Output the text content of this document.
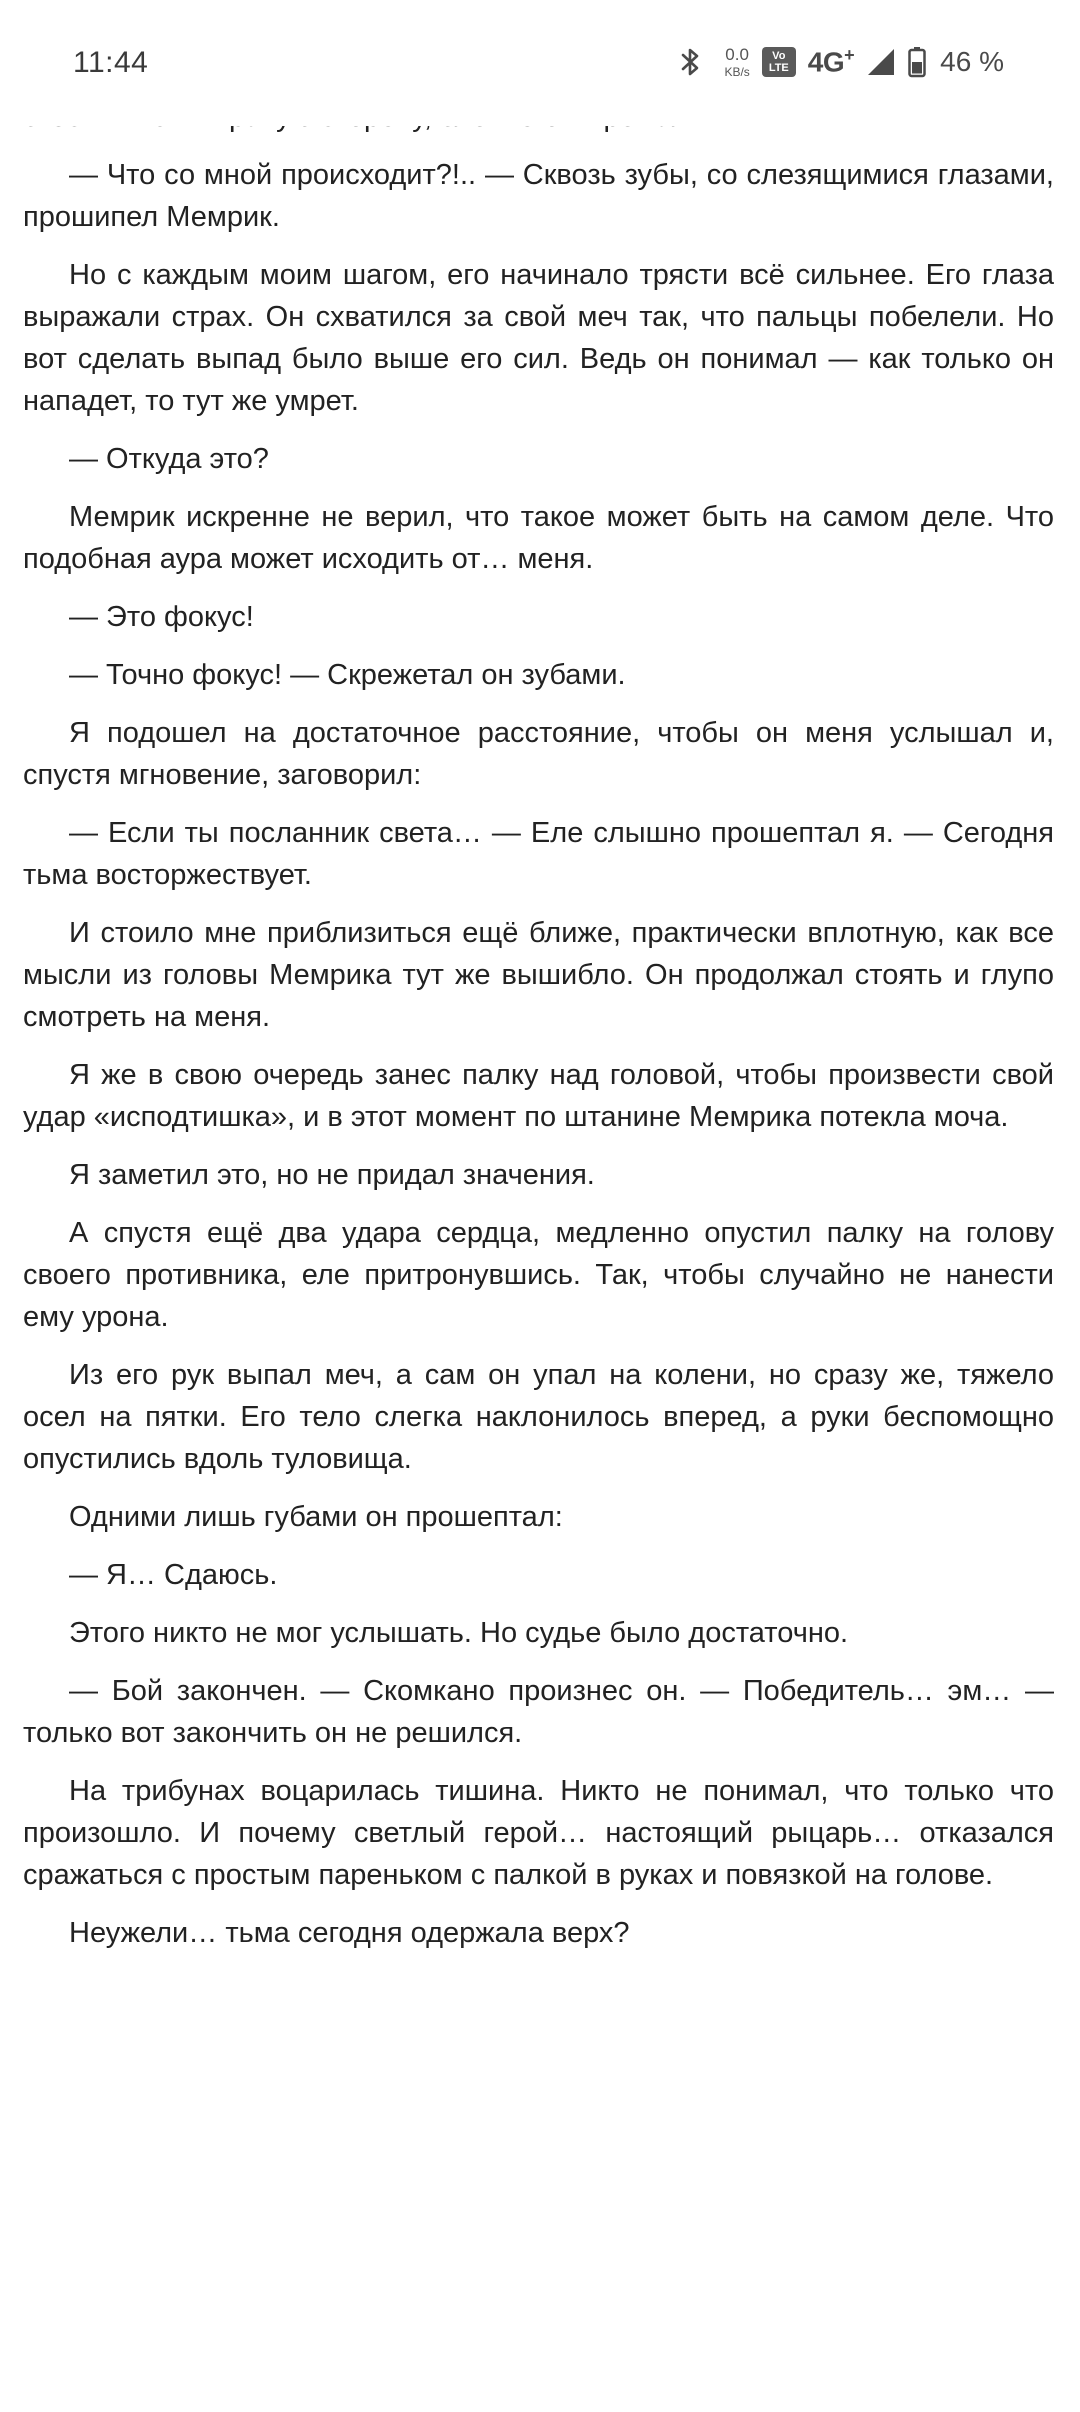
11:44	0.0
KB/s
Vo
LTE 4G+	46 %

— Что со мной происходит?!.. — Сквозь зубы, со слезящимися глазами, прошипел Мемрик.

Но с каждым моим шагом, его начинало трясти всё сильнее. Его глаза выражали страх. Он схватился за свой меч так, что пальцы побелели. Но вот сделать выпад было выше его сил. Ведь он понимал — как только он нападет, то тут же умрет.

— Откуда это?

Мемрик искренне не верил, что такое может быть на самом деле. Что подобная аура может исходить от… меня.

— Это фокус!

— Точно фокус! — Скрежетал он зубами.

Я подошел на достаточное расстояние, чтобы он меня услышал и, спустя мгновение, заговорил:

— Если ты посланник света… — Еле слышно прошептал я. — Сегодня тьма восторжествует.

И стоило мне приблизиться ещё ближе, практически вплотную, как все мысли из головы Мемрика тут же вышибло. Он продолжал стоять и глупо смотреть на меня.

Я же в свою очередь занес палку над головой, чтобы произвести свой удар «исподтишка», и в этот момент по штанине Мемрика потекла моча.

Я заметил это, но не придал значения.

А спустя ещё два удара сердца, медленно опустил палку на голову своего противника, еле притронувшись. Так, чтобы случайно не нанести ему урона.

Из его рук выпал меч, а сам он упал на колени, но сразу же, тяжело осел на пятки. Его тело слегка наклонилось вперед, а руки беспомощно опустились вдоль туловища.

Одними лишь губами он прошептал:

— Я… Сдаюсь.

Этого никто не мог услышать. Но судье было достаточно.

— Бой закончен. — Скомкано произнес он. — Победитель… эм… — только вот закончить он не решился.

На трибунах воцарилась тишина. Никто не понимал, что только что произошло. И почему светлый герой… настоящий рыцарь… отказался сражаться с простым пареньком с палкой в руках и повязкой на голове.

Неужели… тьма сегодня одержала верх?
